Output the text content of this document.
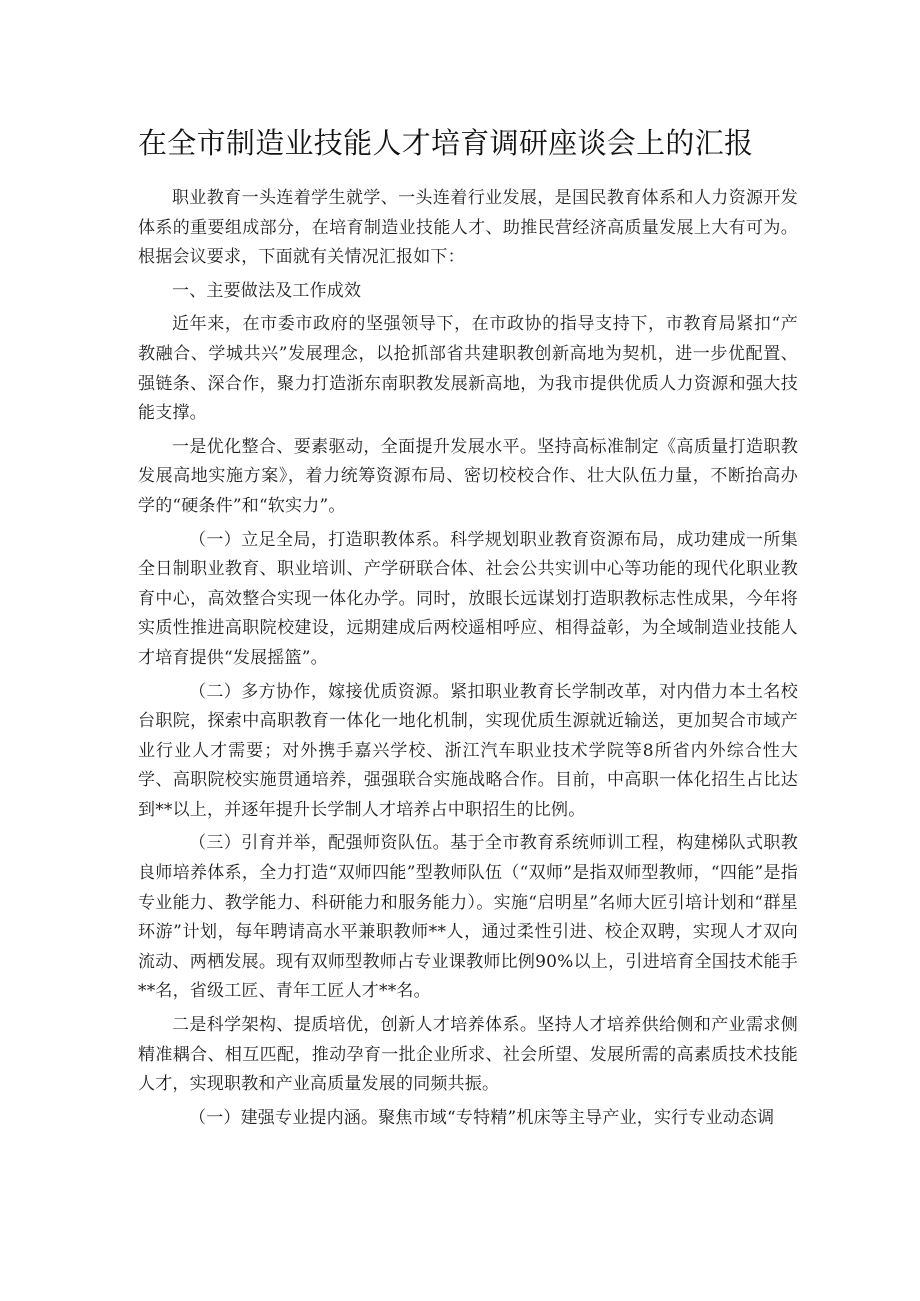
在全市制造业技能人才培育调研座谈会上的汇报

职业教育一头连着学生就学、一头连着行业发展，是国民教育体系和人力资源开发体系的重要组成部分，在培育制造业技能人才、助推民营经济高质量发展上大有可为。根据会议要求，下面就有关情况汇报如下：

一、主要做法及工作成效

近年来，在市委市政府的坚强领导下，在市政协的指导支持下，市教育局紧扣“产教融合、学城共兴”发展理念，以抢抓部省共建职教创新高地为契机，进一步优配置、强链条、深合作，聚力打造浙东南职教发展新高地，为我市提供优质人力资源和强大技能支撑。

一是优化整合、要素驱动，全面提升发展水平。坚持高标准制定《高质量打造职教发展高地实施方案》，着力统筹资源布局、密切校校合作、壮大队伍力量，不断抬高办学的“硬条件”和“软实力”。

（一）立足全局，打造职教体系。科学规划职业教育资源布局，成功建成一所集全日制职业教育、职业培训、产学研联合体、社会公共实训中心等功能的现代化职业教育中心，高效整合实现一体化办学。同时，放眼长远谋划打造职教标志性成果，今年将实质性推进高职院校建设，远期建成后两校遥相呼应、相得益彰，为全域制造业技能人才培育提供“发展摇篮”。

（二）多方协作，嫁接优质资源。紧扣职业教育长学制改革，对内借力本土名校台职院，探索中高职教育一体化一地化机制，实现优质生源就近输送，更加契合市域产业行业人才需要；对外携手嘉兴学校、浙江汽车职业技术学院等8所省内外综合性大学、高职院校实施贯通培养，强强联合实施战略合作。目前，中高职一体化招生占比达到**以上，并逐年提升长学制人才培养占中职招生的比例。

（三）引育并举，配强师资队伍。基于全市教育系统师训工程，构建梯队式职教良师培养体系，全力打造“双师四能”型教师队伍（“双师”是指双师型教师，“四能”是指专业能力、教学能力、科研能力和服务能力）。实施“启明星”名师大匠引培计划和“群星环游”计划，每年聘请高水平兼职教师**人，通过柔性引进、校企双聘，实现人才双向流动、两栖发展。现有双师型教师占专业课教师比例90%以上，引进培育全国技术能手**名，省级工匠、青年工匠人才**名。

二是科学架构、提质培优，创新人才培养体系。坚持人才培养供给侧和产业需求侧精准耦合、相互匹配，推动孕育一批企业所求、社会所望、发展所需的高素质技术技能人才，实现职教和产业高质量发展的同频共振。

（一）建强专业提内涵。聚焦市域“专特精”机床等主导产业，实行专业动态调
